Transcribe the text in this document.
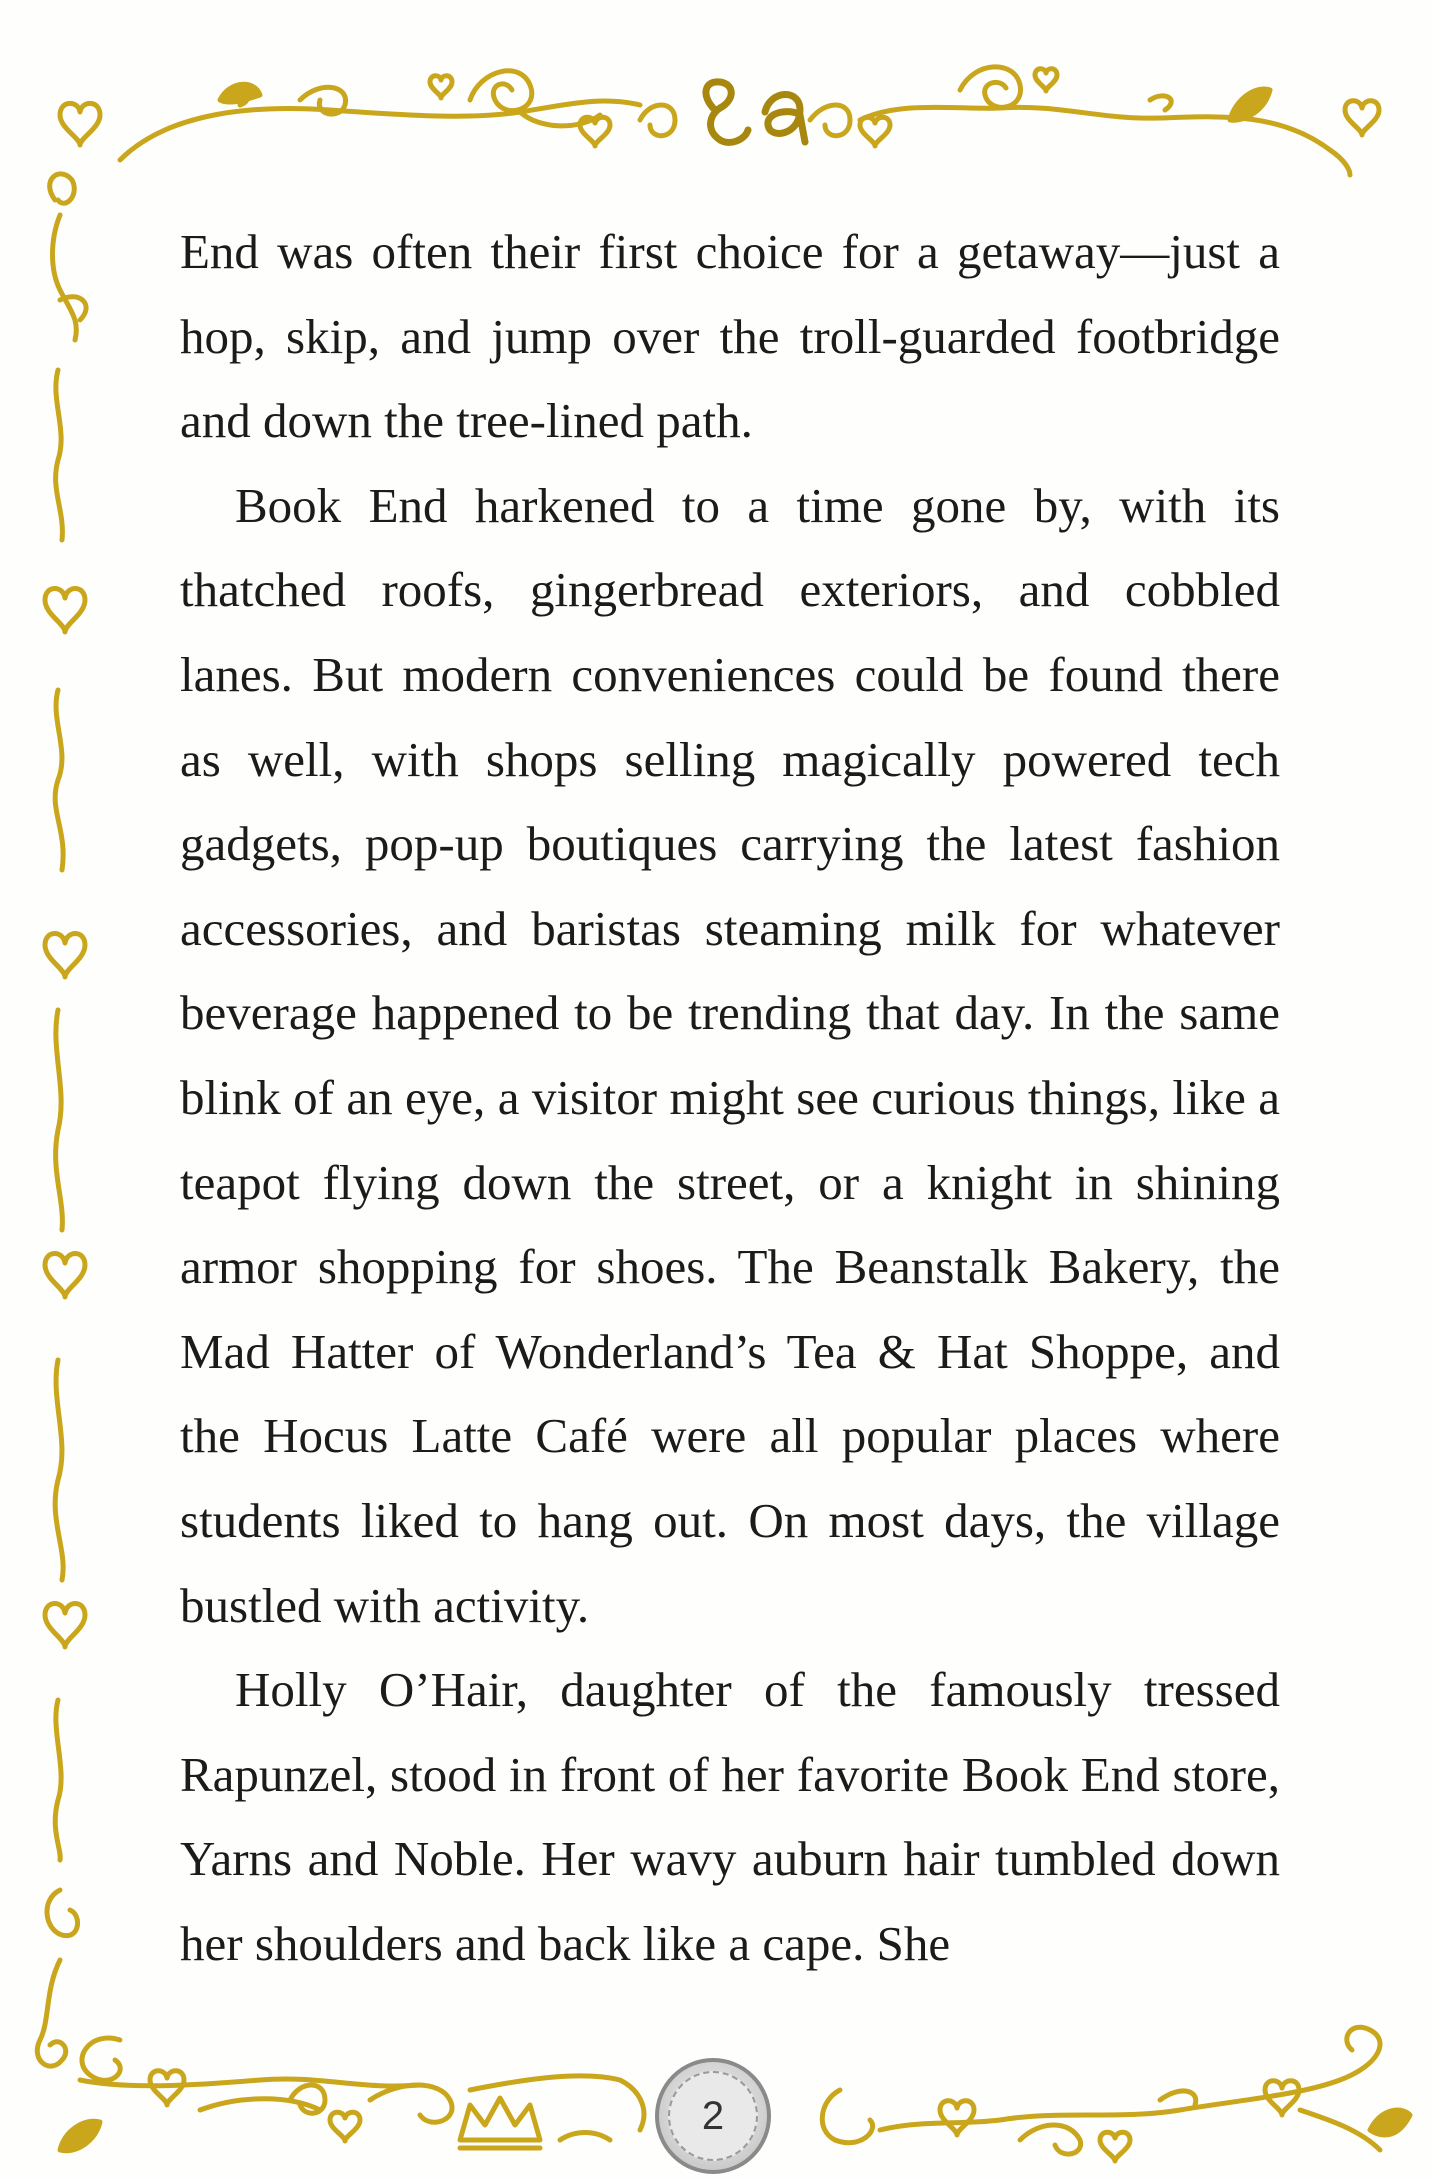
End was often their first choice for a getaway—just a hop, skip, and jump over the troll-guarded footbridge and down the tree-lined path.

Book End harkened to a time gone by, with its thatched roofs, gingerbread exteriors, and cobbled lanes. But modern conveniences could be found there as well, with shops selling magically powered tech gadgets, pop-up boutiques carrying the latest fashion accessories, and baristas steaming milk for whatever beverage happened to be trending that day. In the same blink of an eye, a visitor might see curious things, like a teapot flying down the street, or a knight in shining armor shopping for shoes. The Beanstalk Bakery, the Mad Hatter of Wonderland’s Tea & Hat Shoppe, and the Hocus Latte Café were all popular places where students liked to hang out. On most days, the village bustled with activity.

Holly O’Hair, daughter of the famously tressed Rapunzel, stood in front of her favorite Book End store, Yarns and Noble. Her wavy auburn hair tumbled down her shoulders and back like a cape. She

2
